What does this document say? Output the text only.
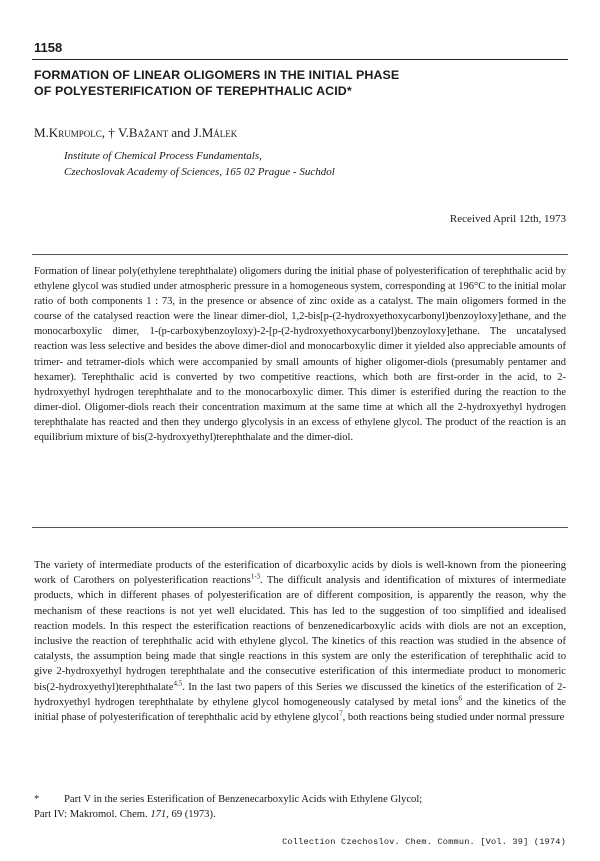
1158
FORMATION OF LINEAR OLIGOMERS IN THE INITIAL PHASE
OF POLYESTERIFICATION OF TEREPHTHALIC ACID*
M.Krumpolc, † V.Bažant and J.Málek
Institute of Chemical Process Fundamentals,
Czechoslovak Academy of Sciences, 165 02 Prague - Suchdol
Received April 12th, 1973
Formation of linear poly(ethylene terephthalate) oligomers during the initial phase of polyesterification of terephthalic acid by ethylene glycol was studied under atmospheric pressure in a homogeneous system, corresponding at 196°C to the initial molar ratio of both components 1 : 73, in the presence or absence of zinc oxide as a catalyst. The main oligomers formed in the course of the catalysed reaction were the linear dimer-diol, 1,2-bis[p-(2-hydroxyethoxycarbonyl)benzoyloxy]ethane, and the monocarboxylic dimer, 1-(p-carboxybenzoyloxy)-2-[p-(2-hydroxyethoxycarbonyl)benzoyloxy]ethane. The uncatalysed reaction was less selective and besides the above dimer-diol and monocarboxylic dimer it yielded also appreciable amounts of trimer- and tetramer-diols which were accompanied by small amounts of higher oligomer-diols (presumably pentamer and hexamer). Terephthalic acid is converted by two competitive reactions, which both are first-order in the acid, to 2-hydroxyethyl hydrogen terephthalate and to the monocarboxylic dimer. This dimer is esterified during the reaction to the dimer-diol. Oligomer-diols reach their concentration maximum at the same time at which all the 2-hydroxyethyl hydrogen terephthalate has reacted and then they undergo glycolysis in an excess of ethylene glycol. The product of the reaction is an equilibrium mixture of bis(2-hydroxyethyl)terephthalate and the dimer-diol.
The variety of intermediate products of the esterification of dicarboxylic acids by diols is well-known from the pioneering work of Carothers on polyesterification reactions$^{1-3}$. The difficult analysis and identification of mixtures of intermediate products, which in different phases of polyesterification are of different composition, is apparently the reason, why the mechanism of these reactions is not yet well elucidated. This has led to the suggestion of too simplified and idealised reaction models. In this respect the esterification reactions of benzenedicarboxylic acids with diols are not an exception, inclusive the reaction of terephthalic acid with ethylene glycol. The kinetics of this reaction was studied in the absence of catalysts, the assumption being made that single reactions in this system are only the esterification of terephthalic acid to give 2-hydroxyethyl hydrogen terephthalate and the consecutive esterification of this intermediate product to monomeric bis(2-hydroxyethyl)terephthalate$^{4,5}$. In the last two papers of this Series we discussed the kinetics of the esterification of 2-hydroxyethyl hydrogen terephthalate by ethylene glycol homogeneously catalysed by metal ions$^6$ and the kinetics of the initial phase of polyesterification of terephthalic acid by ethylene glycol$^7$, both reactions being studied under normal pressure
* Part V in the series Esterification of Benzenecarboxylic Acids with Ethylene Glycol;
Part IV: Makromol. Chem. 171, 69 (1973).
Collection Czechoslov. Chem. Commun. [Vol. 39] (1974)
